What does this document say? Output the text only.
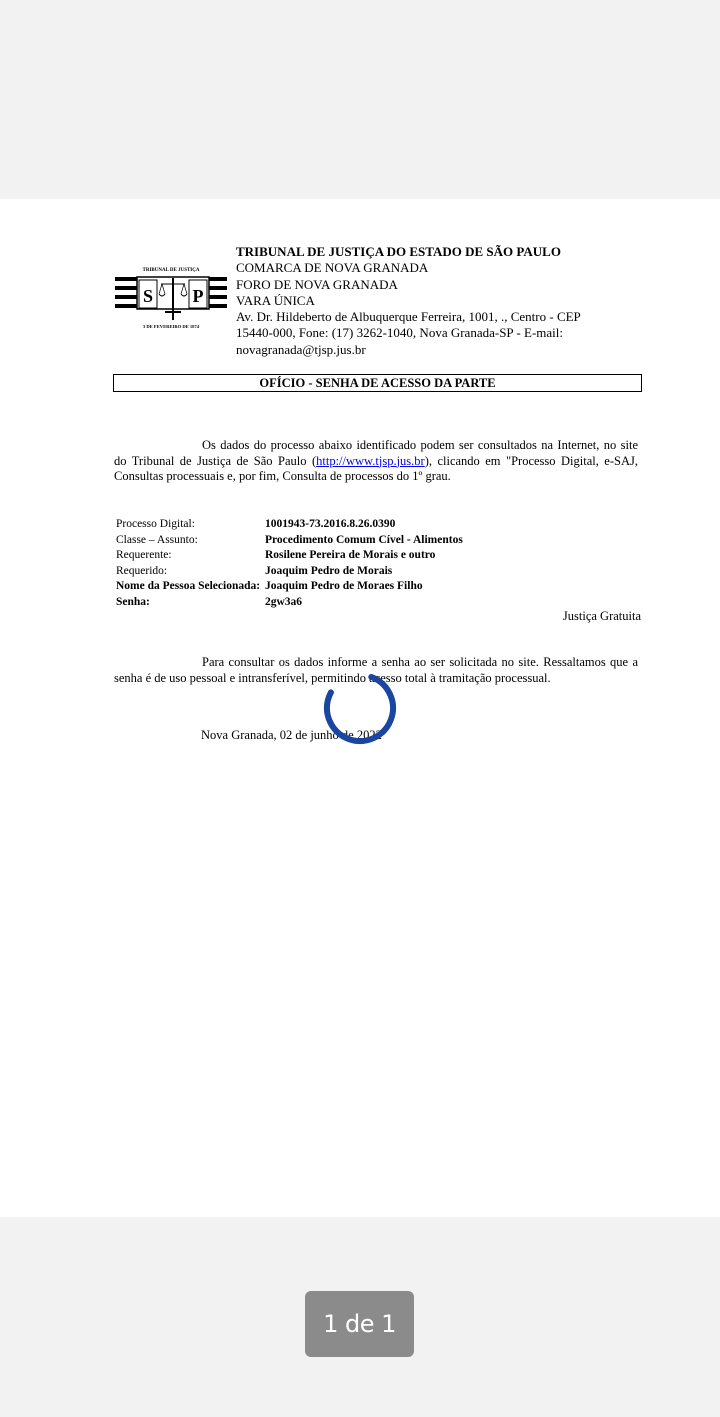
TRIBUNAL DE JUSTIÇA
S P
3 DE FEVEREIRO DE 1874
TRIBUNAL DE JUSTIÇA DO ESTADO DE SÃO PAULO
COMARCA DE NOVA GRANADA
FORO DE NOVA GRANADA
VARA ÚNICA
Av. Dr. Hildeberto de Albuquerque Ferreira, 1001, ., Centro - CEP
15440-000, Fone: (17) 3262-1040, Nova Granada-SP - E-mail:
novagranada@tjsp.jus.br
OFÍCIO - SENHA DE ACESSO DA PARTE
Os dados do processo abaixo identificado podem ser consultados na Internet, no site do Tribunal de Justiça de São Paulo (http://www.tjsp.jus.br), clicando em "Processo Digital, e-SAJ, Consultas processuais e, por fim, Consulta de processos do 1º grau.
Processo Digital:	1001943-73.2016.8.26.0390
Classe – Assunto:	Procedimento Comum Cível - Alimentos
Requerente:	Rosilene Pereira de Morais e outro
Requerido:	Joaquim Pedro de Morais
Nome da Pessoa Selecionada: Joaquim Pedro de Moraes Filho
Senha:	2gw3a6
Justiça Gratuita
Para consultar os dados informe a senha ao ser solicitada no site. Ressaltamos que a senha é de uso pessoal e intransferível, permitindo acesso total à tramitação processual.
Nova Granada, 02 de junho de 2022
1 de 1
